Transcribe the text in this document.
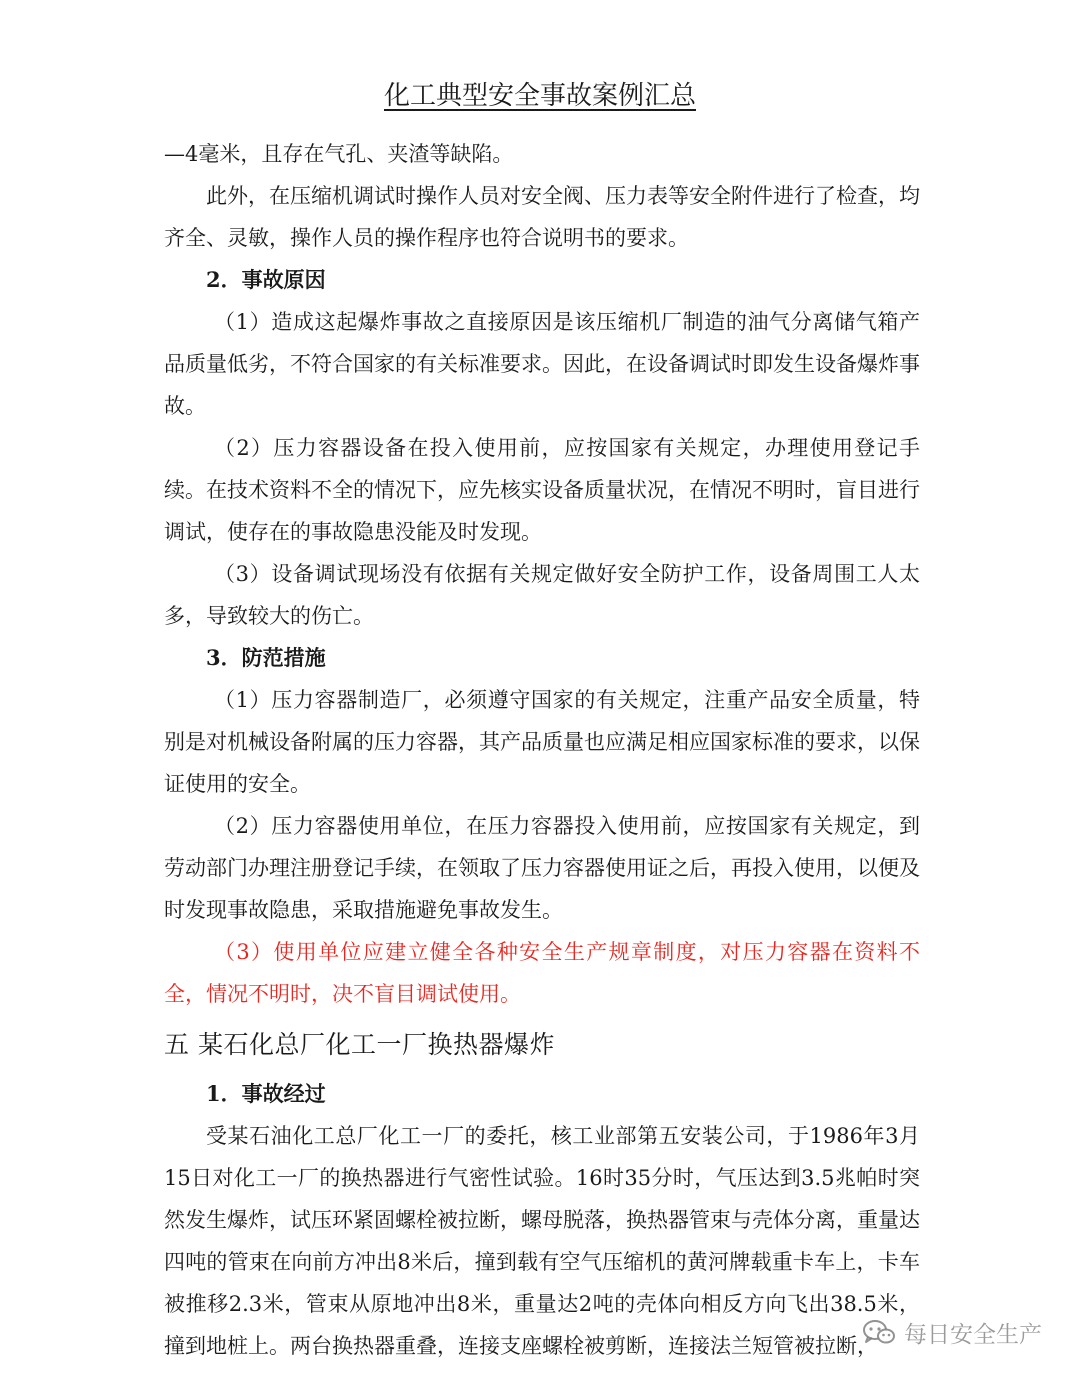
化工典型安全事故案例汇总

—4毫米，且存在气孔、夹渣等缺陷。

此外，在压缩机调试时操作人员对安全阀、压力表等安全附件进行了检查，均齐全、灵敏，操作人员的操作程序也符合说明书的要求。

2．事故原因

（1）造成这起爆炸事故之直接原因是该压缩机厂制造的油气分离储气箱产品质量低劣，不符合国家的有关标准要求。因此，在设备调试时即发生设备爆炸事故。

（2）压力容器设备在投入使用前，应按国家有关规定，办理使用登记手续。在技术资料不全的情况下，应先核实设备质量状况，在情况不明时，盲目进行调试，使存在的事故隐患没能及时发现。

（3）设备调试现场没有依据有关规定做好安全防护工作，设备周围工人太多，导致较大的伤亡。

3．防范措施

（1）压力容器制造厂，必须遵守国家的有关规定，注重产品安全质量，特别是对机械设备附属的压力容器，其产品质量也应满足相应国家标准的要求，以保证使用的安全。

（2）压力容器使用单位，在压力容器投入使用前，应按国家有关规定，到劳动部门办理注册登记手续，在领取了压力容器使用证之后，再投入使用，以便及时发现事故隐患，采取措施避免事故发生。

（3）使用单位应建立健全各种安全生产规章制度，对压力容器在资料不全，情况不明时，决不盲目调试使用。

五 某石化总厂化工一厂换热器爆炸

1．事故经过

受某石油化工总厂化工一厂的委托，核工业部第五安装公司，于1986年3月15日对化工一厂的换热器进行气密性试验。16时35分时，气压达到3.5兆帕时突然发生爆炸，试压环紧固螺栓被拉断，螺母脱落，换热器管束与壳体分离，重量达四吨的管束在向前方冲出8米后，撞到载有空气压缩机的黄河牌载重卡车上，卡车被推移2.3米，管束从原地冲出8米，重量达2吨的壳体向相反方向飞出38.5米，撞到地桩上。两台换热器重叠，连接支座螺栓被剪断，连接法兰短管被拉断，	每日安全生产
